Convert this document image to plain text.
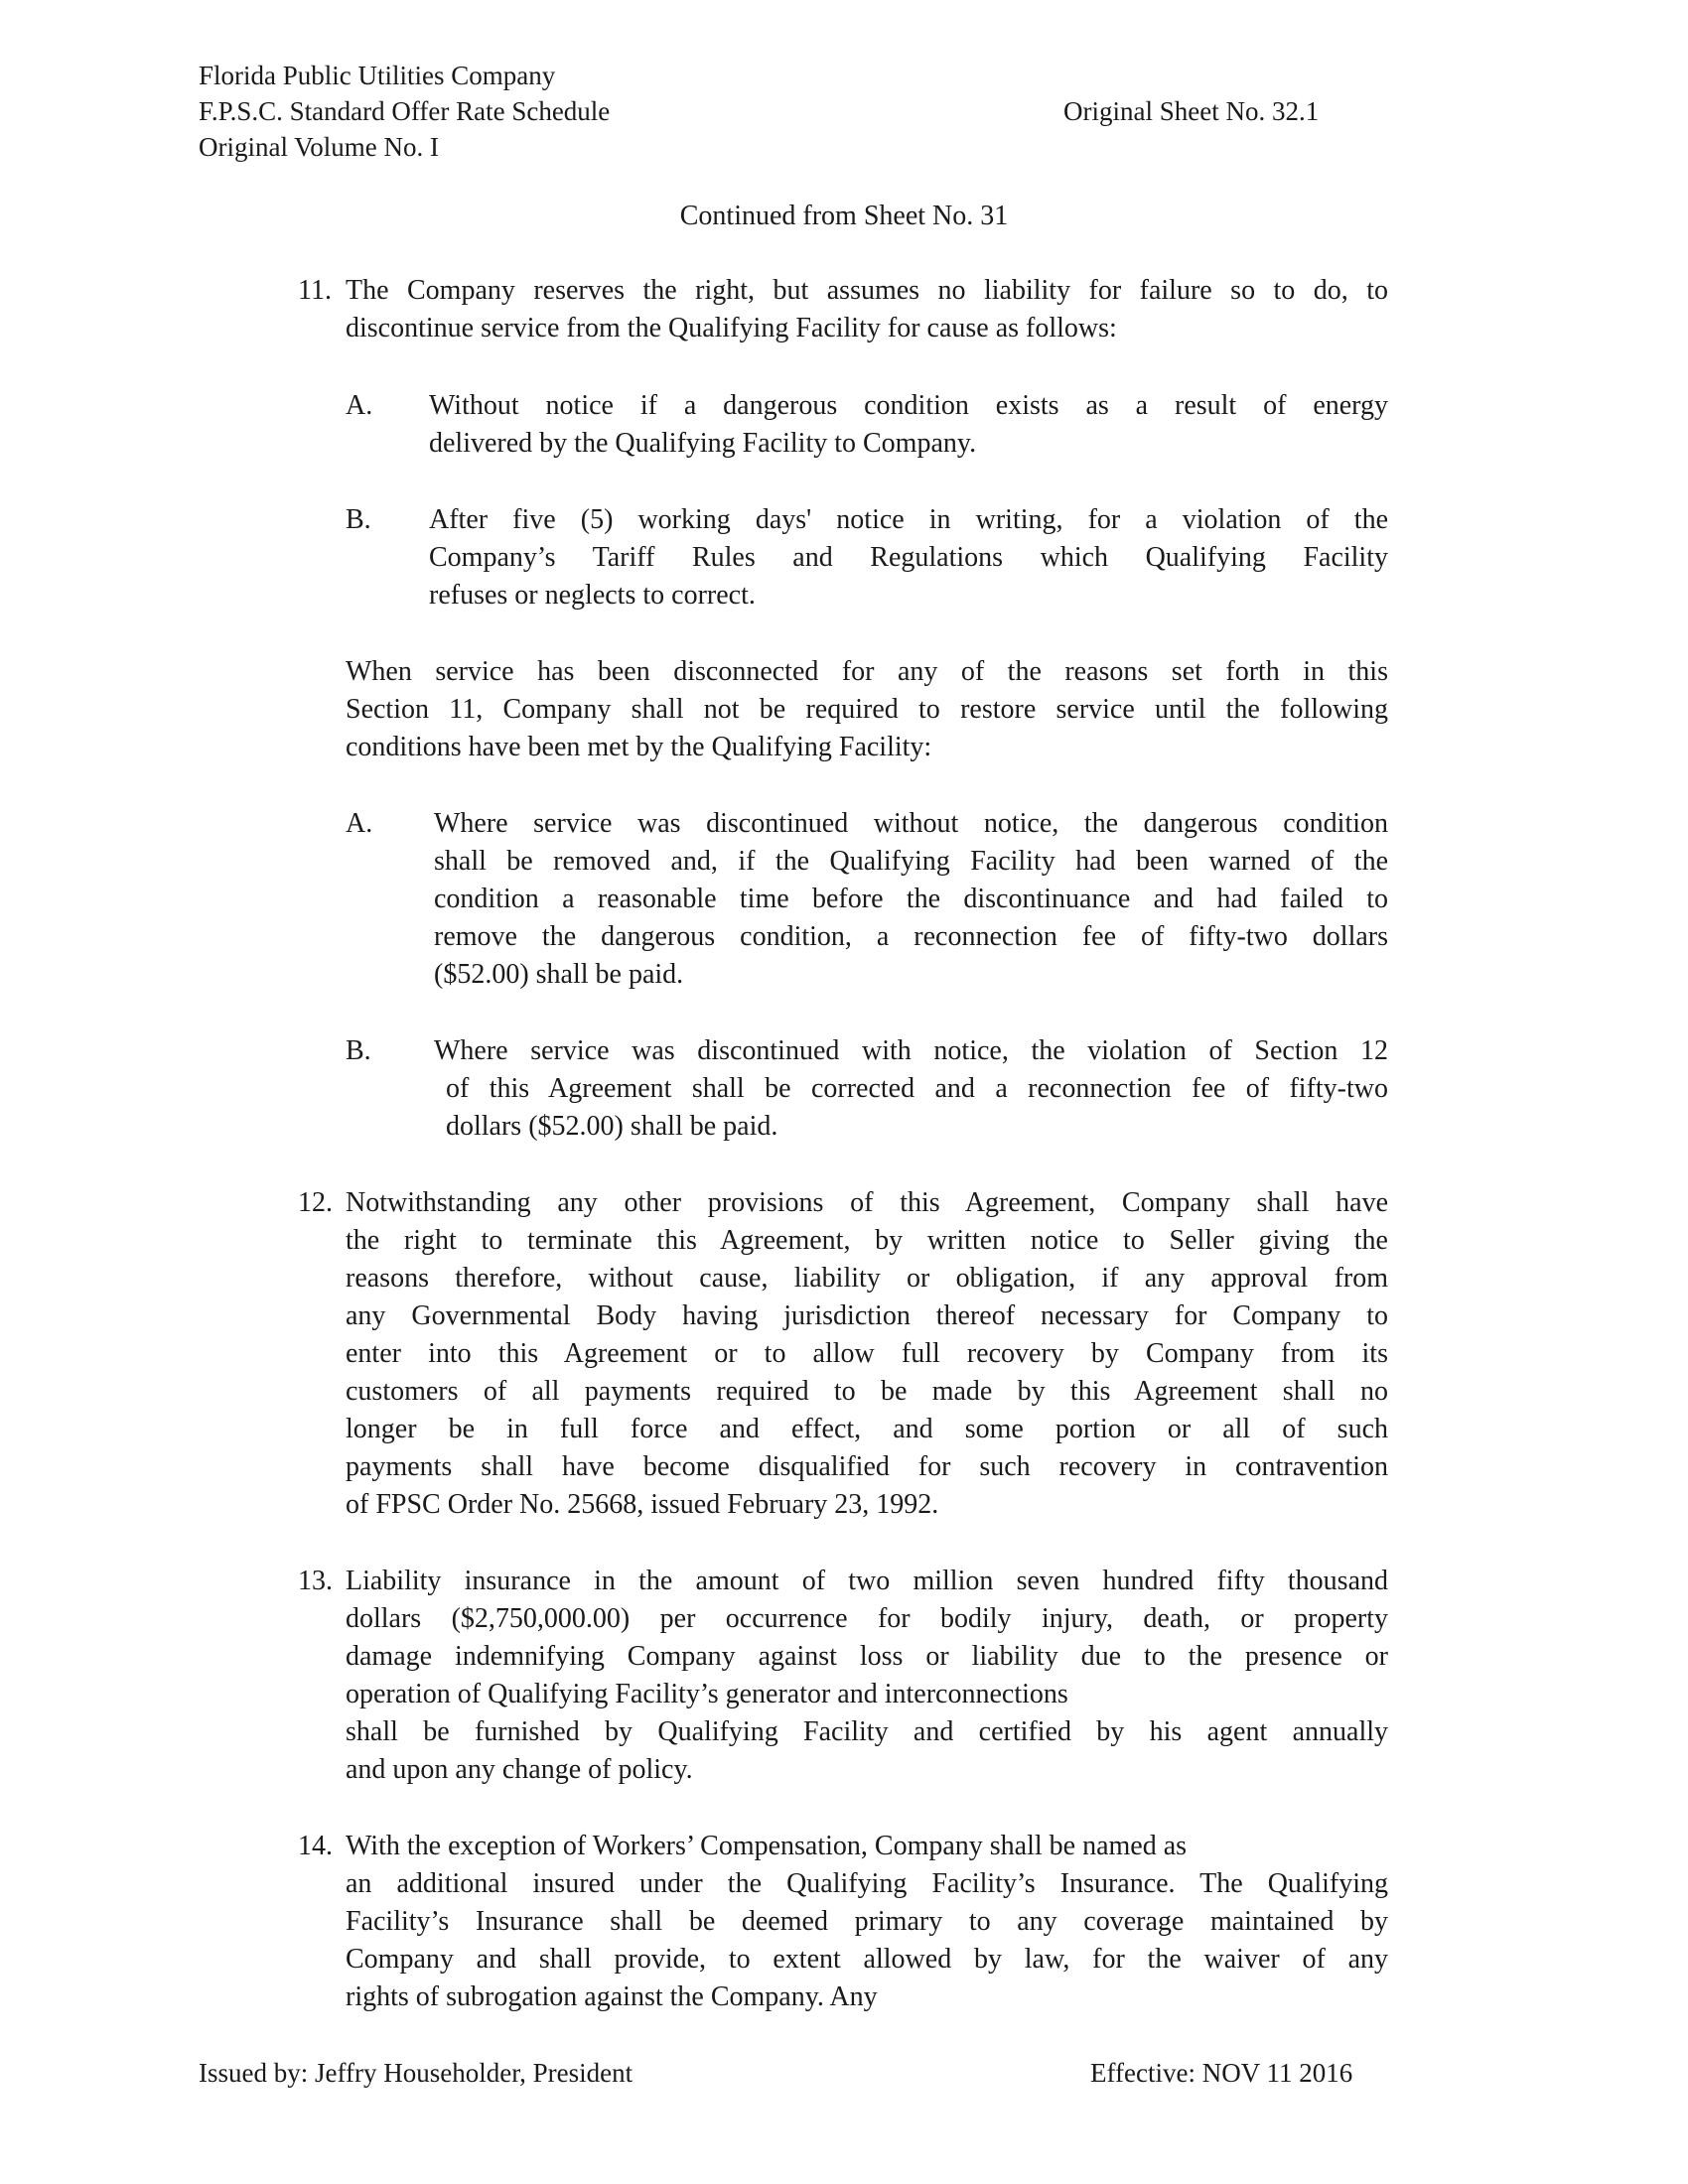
Florida Public Utilities Company
F.P.S.C. Standard Offer Rate Schedule
Original Volume No. I
Original Sheet No. 32.1
Continued from Sheet No. 31
11. The Company reserves the right, but assumes no liability for failure so to do, to
discontinue service from the Qualifying Facility for cause as follows:
A. Without notice if a dangerous condition exists as a result of energy
delivered by the Qualifying Facility to Company.
B. After five (5) working days' notice in writing, for a violation of the
Company’s Tariff Rules and Regulations which Qualifying Facility
refuses or neglects to correct.
When service has been disconnected for any of the reasons set forth in this
Section 11, Company shall not be required to restore service until the following
conditions have been met by the Qualifying Facility:
A. Where service was discontinued without notice, the dangerous condition
shall be removed and, if the Qualifying Facility had been warned of the
condition a reasonable time before the discontinuance and had failed to
remove the dangerous condition, a reconnection fee of fifty-two dollars
($52.00) shall be paid.
B. Where service was discontinued with notice, the violation of Section 12
of this Agreement shall be corrected and a reconnection fee of fifty-two
dollars ($52.00) shall be paid.
12. Notwithstanding any other provisions of this Agreement, Company shall have
the right to terminate this Agreement, by written notice to Seller giving the
reasons therefore, without cause, liability or obligation, if any approval from
any Governmental Body having jurisdiction thereof necessary for Company to
enter into this Agreement or to allow full recovery by Company from its
customers of all payments required to be made by this Agreement shall no
longer be in full force and effect, and some portion or all of such
payments shall have become disqualified for such recovery in contravention
of FPSC Order No. 25668, issued February 23, 1992.
13. Liability insurance in the amount of two million seven hundred fifty thousand
dollars ($2,750,000.00) per occurrence for bodily injury, death, or property
damage indemnifying Company against loss or liability due to the presence or
operation of Qualifying Facility’s generator and interconnections
shall be furnished by Qualifying Facility and certified by his agent annually
and upon any change of policy.
14. With the exception of Workers’ Compensation, Company shall be named as
an additional insured under the Qualifying Facility’s Insurance. The Qualifying
Facility’s Insurance shall be deemed primary to any coverage maintained by
Company and shall provide, to extent allowed by law, for the waiver of any
rights of subrogation against the Company. Any
Issued by: Jeffry Householder, President	Effective: NOV 11 2016
